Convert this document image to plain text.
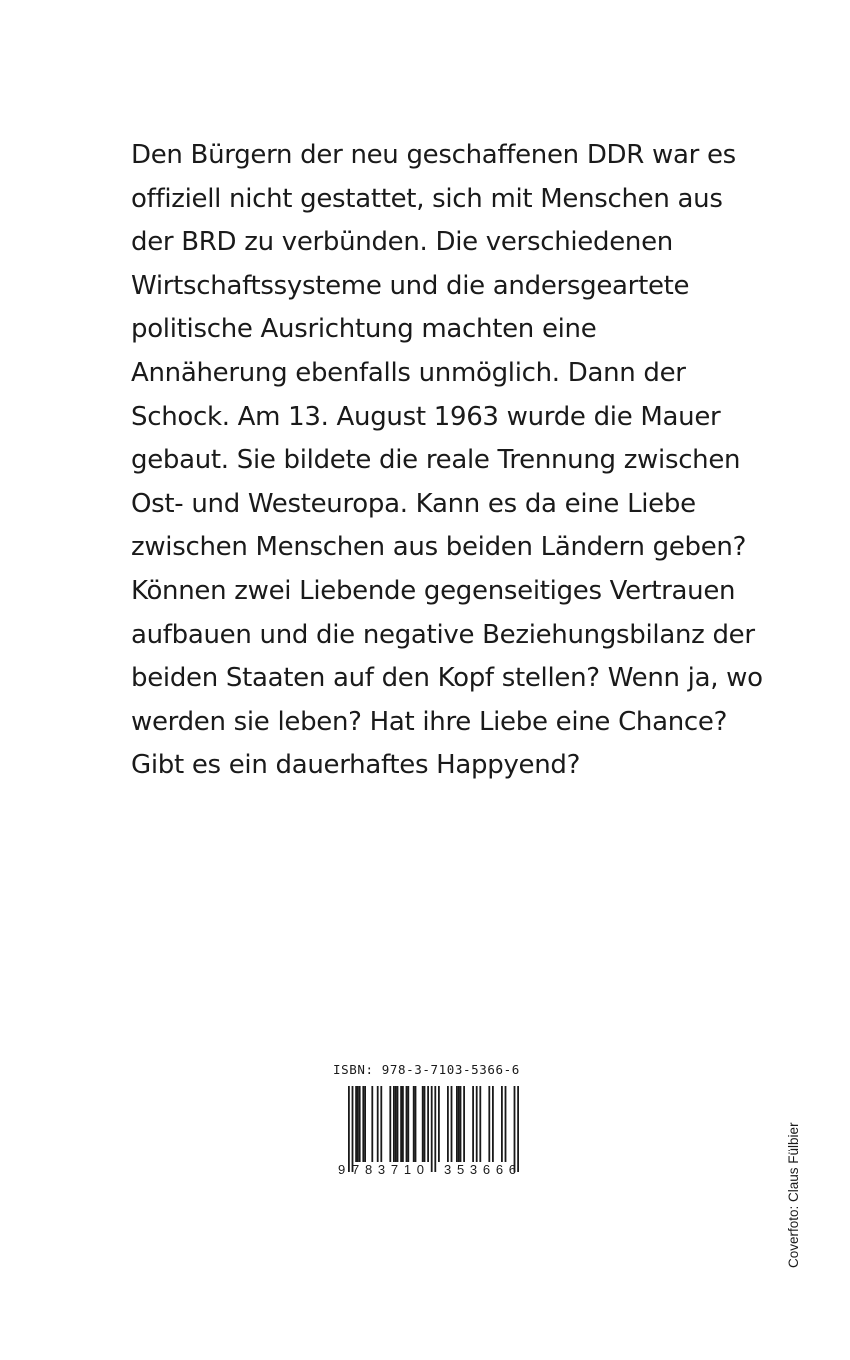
Den Bürgern der neu geschaffenen DDR war es
offiziell nicht gestattet, sich mit Menschen aus
der BRD zu verbünden. Die verschiedenen
Wirtschaftssysteme und die andersgeartete
politische Ausrichtung machten eine
Annäherung ebenfalls unmöglich. Dann der
Schock. Am 13. August 1963 wurde die Mauer
gebaut. Sie bildete die reale Trennung zwischen
Ost- und Westeuropa. Kann es da eine Liebe
zwischen Menschen aus beiden Ländern geben?
Können zwei Liebende gegenseitiges Vertrauen
aufbauen und die negative Beziehungsbilanz der
beiden Staaten auf den Kopf stellen? Wenn ja, wo
werden sie leben? Hat ihre Liebe eine Chance?
Gibt es ein dauerhaftes Happyend?
ISBN: 978-3-7103-5366-6
9 783710 353666	Coverfoto: Claus Fülbier
